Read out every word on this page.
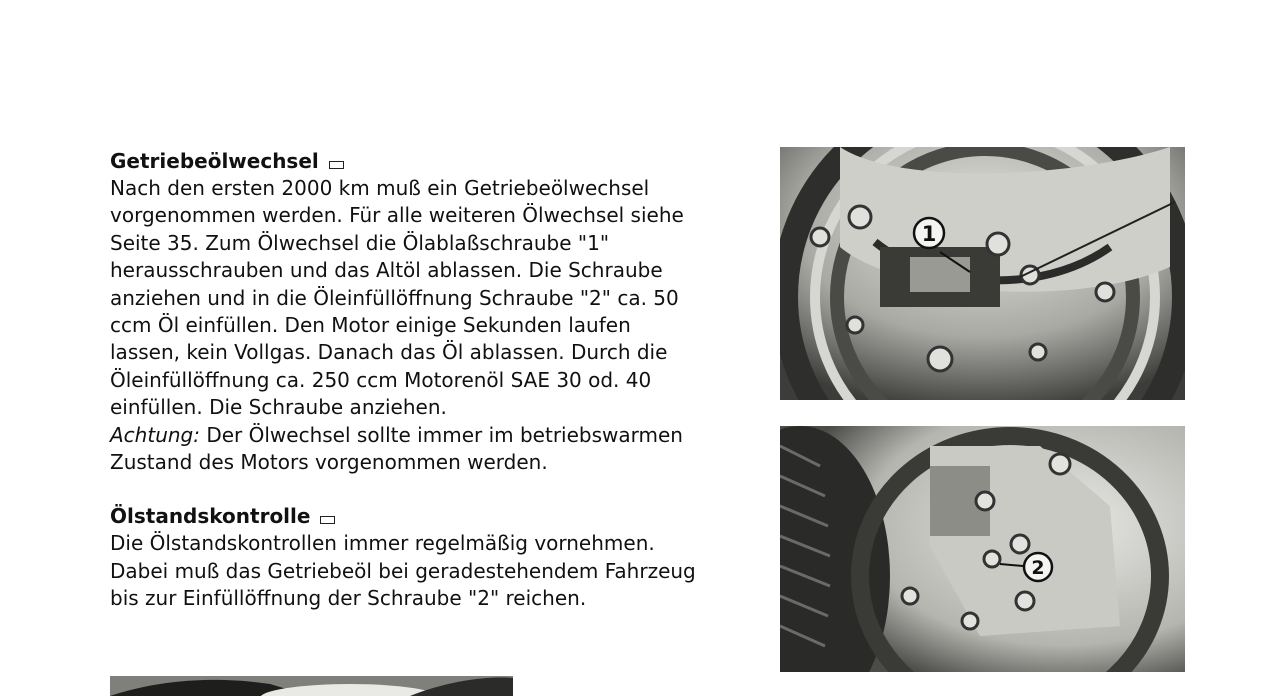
Getriebeölwechsel

Nach den ersten 2000 km muß ein Getriebeölwechsel

vorgenommen werden. Für alle weiteren Ölwechsel siehe

Seite 35. Zum Ölwechsel die Ölablaßschraube "1"

herausschrauben und das Altöl ablassen. Die Schraube

anziehen und in die Öleinfüllöffnung Schraube "2" ca. 50

ccm Öl einfüllen. Den Motor einige Sekunden laufen

lassen, kein Vollgas. Danach das Öl ablassen. Durch die

Öleinfüllöffnung ca. 250 ccm Motorenöl SAE 30 od. 40

einfüllen. Die Schraube anziehen.

Achtung: Der Ölwechsel sollte immer im betriebswarmen

Zustand des Motors vorgenommen werden.

Ölstandskontrolle

Die Ölstandskontrollen immer regelmäßig vornehmen.

Dabei muß das Getriebeöl bei geradestehendem Fahrzeug

bis zur Einfüllöffnung der Schraube "2" reichen.

1
2
